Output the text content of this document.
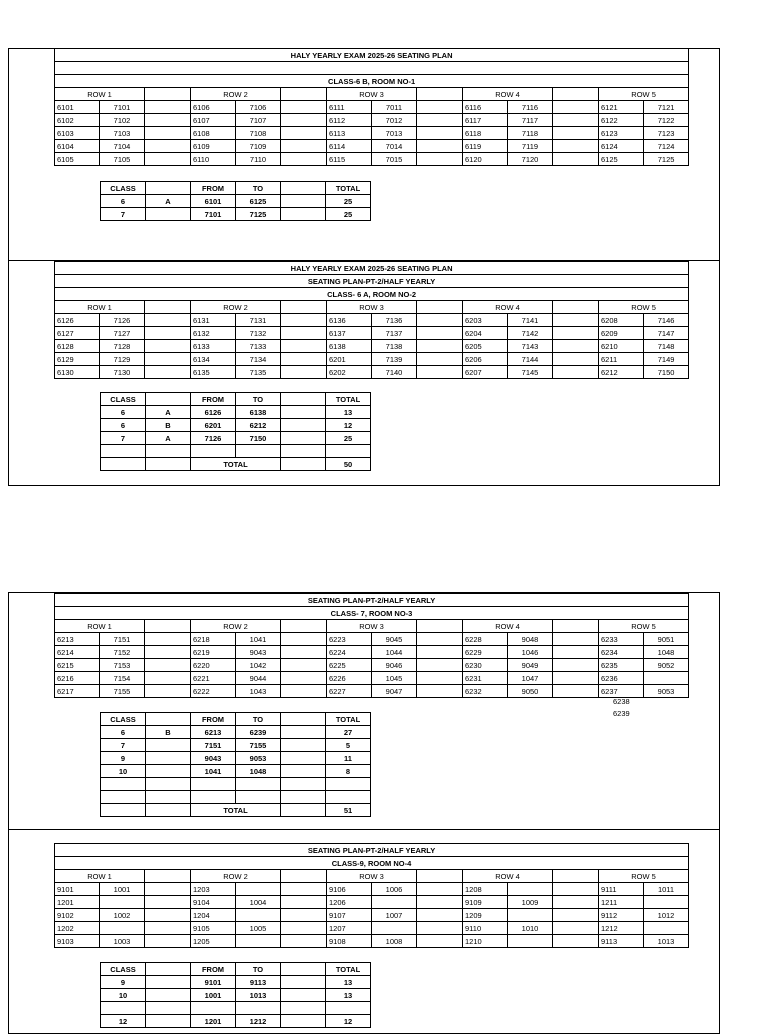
HALY YEARLY EXAM 2025-26 SEATING PLAN													

CLASS-6 B, ROOM NO-1													
ROW 1			ROW 2			ROW 3			ROW 4			ROW 5	
6101	7101		6106	7106		6111	7011		6116	7116		6121	7121
6102	7102		6107	7107		6112	7012		6117	7117		6122	7122
6103	7103		6108	7108		6113	7013		6118	7118		6123	7123
6104	7104		6109	7109		6114	7014		6119	7119		6124	7124
6105	7105		6110	7110		6115	7015		6120	7120		6125	7125
CLASS		FROM	TO		TOTAL
6	A	6101	6125		25
7		7101	7125		25
HALY YEARLY EXAM 2025-26 SEATING PLAN													
SEATING PLAN-PT-2/HALF YEARLY													
CLASS- 6 A, ROOM NO-2													
ROW 1			ROW 2			ROW 3			ROW 4			ROW 5	
6126	7126		6131	7131		6136	7136		6203	7141		6208	7146
6127	7127		6132	7132		6137	7137		6204	7142		6209	7147
6128	7128		6133	7133		6138	7138		6205	7143		6210	7148
6129	7129		6134	7134		6201	7139		6206	7144		6211	7149
6130	7130		6135	7135		6202	7140		6207	7145		6212	7150
CLASS		FROM	TO		TOTAL
6	A	6126	6138		13
6	B	6201	6212		12
7	A	7126	7150		25

		TOTAL			50
SEATING PLAN-PT-2/HALF YEARLY													
CLASS- 7, ROOM NO-3													
ROW 1			ROW 2			ROW 3			ROW 4			ROW 5	
6213	7151		6218	1041		6223	9045		6228	9048		6233	9051
6214	7152		6219	9043		6224	1044		6229	1046		6234	1048
6215	7153		6220	1042		6225	9046		6230	9049		6235	9052
6216	7154		6221	9044		6226	1045		6231	1047		6236	
6217	7155		6222	1043		6227	9047		6232	9050		6237	9053
6238
6239
CLASS		FROM	TO		TOTAL
6	B	6213	6239		27
7		7151	7155		5
9		9043	9053		11
10		1041	1048		8

		TOTAL			51
SEATING PLAN-PT-2/HALF YEARLY													
CLASS-9, ROOM NO-4													
ROW 1			ROW 2			ROW 3			ROW 4			ROW 5	
9101	1001		1203			9106	1006		1208			9111	1011
1201			9104	1004		1206			9109	1009		1211	
9102	1002		1204			9107	1007		1209			9112	1012
1202			9105	1005		1207			9110	1010		1212	
9103	1003		1205			9108	1008		1210			9113	1013
CLASS		FROM	TO		TOTAL
9		9101	9113		13
10		1001	1013		13

12		1201	1212		12
